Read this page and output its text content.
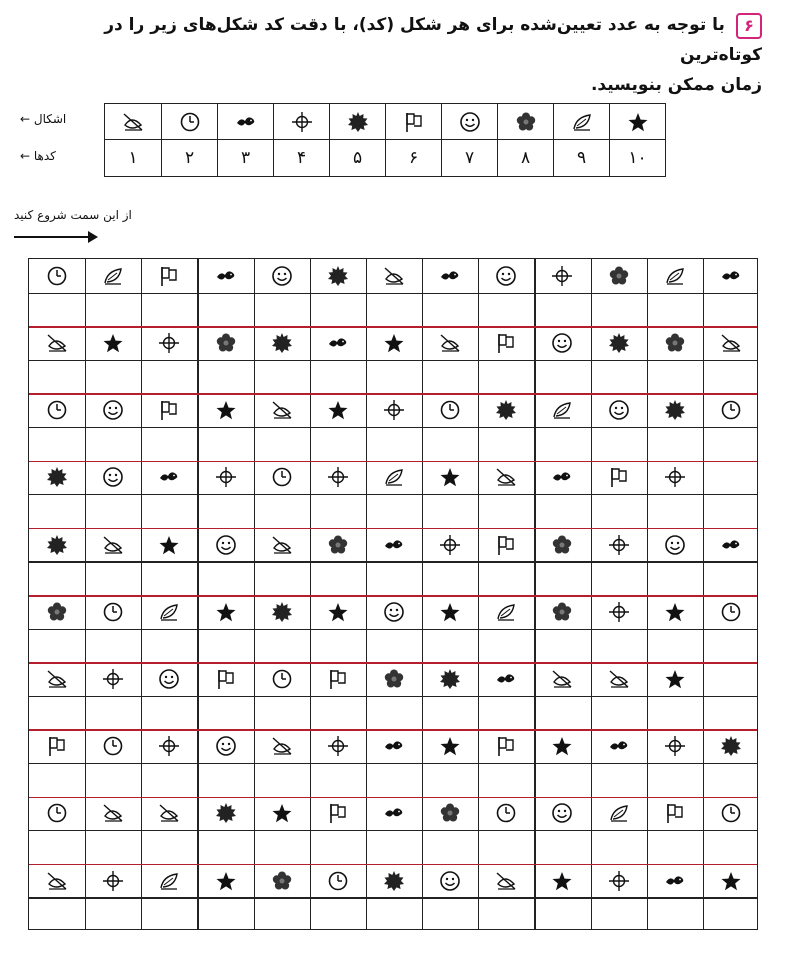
۶ با توجه به عدد تعیین‌شده برای هر شکل (کد)، با دقت کد شکل‌های زیر را در کوتاه‌ترین
زمان ممکن بنویسید.
اشکال ←
کدها ←	۱۰
۹
۸
۷
۶
۵
۴
۳
۲
۱
از این سمت شروع کنید
